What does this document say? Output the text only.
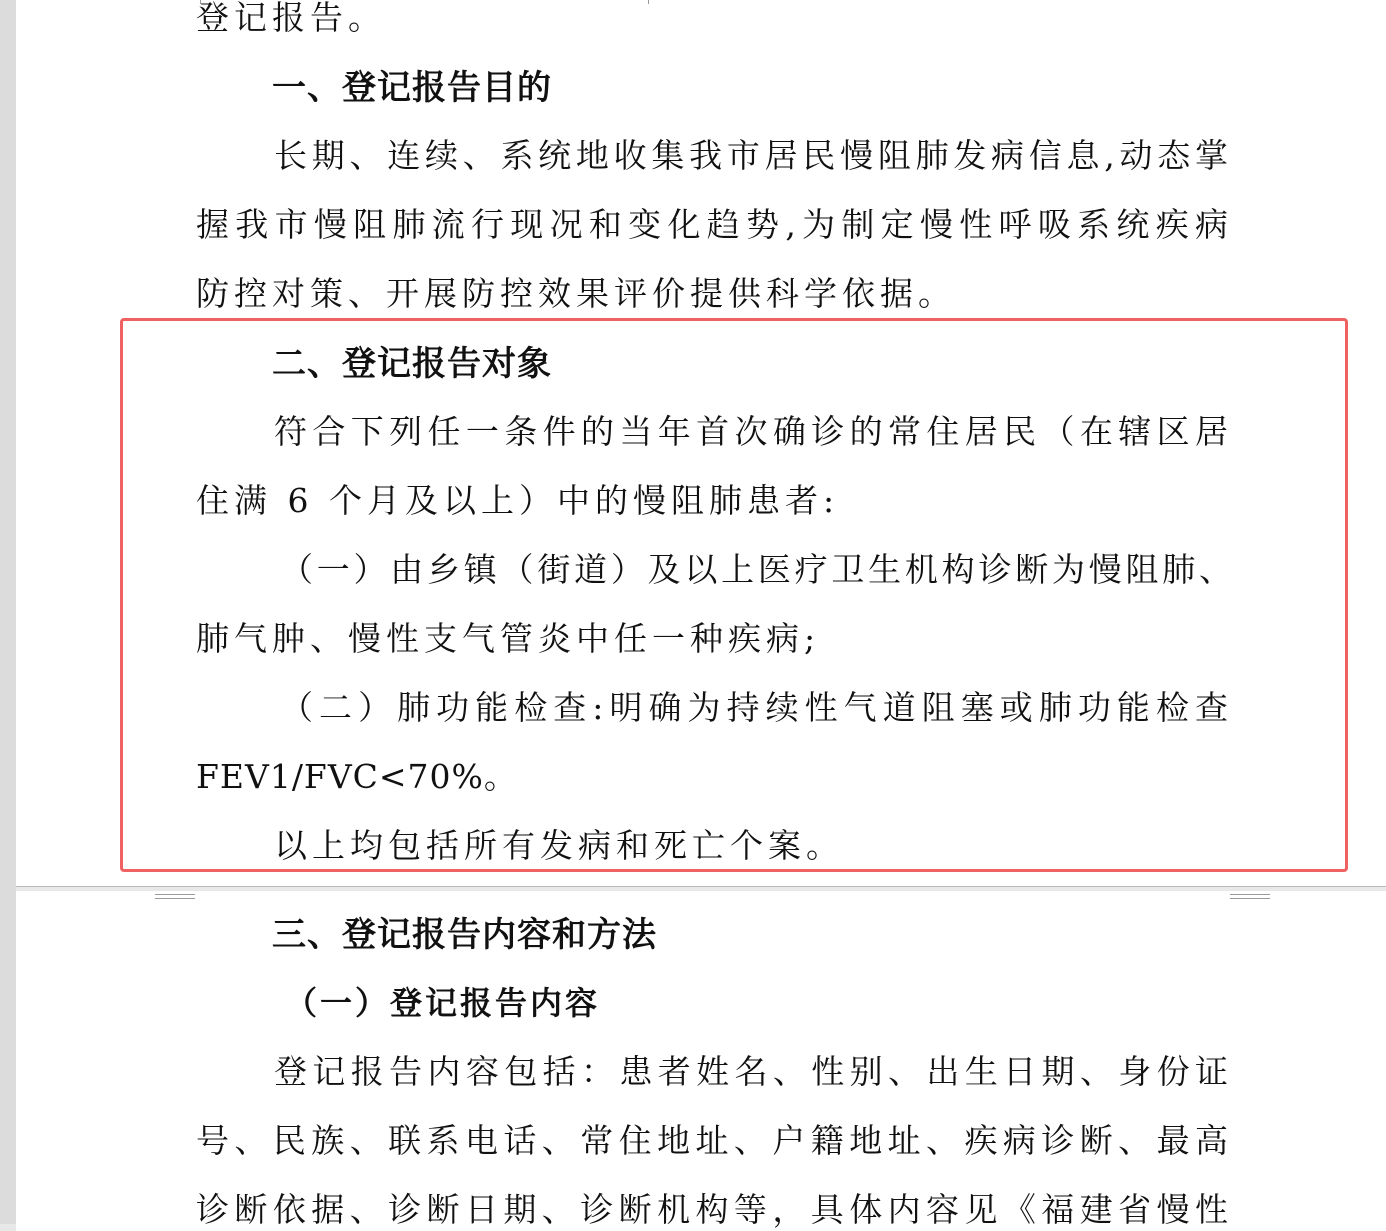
登记报告。
一、登记报告目的
长期、连续、系统地收集我市居民慢阻肺发病信息,动态掌
握我市慢阻肺流行现况和变化趋势,为制定慢性呼吸系统疾病
防控对策、开展防控效果评价提供科学依据。
二、登记报告对象
符合下列任一条件的当年首次确诊的常住居民（在辖区居
住满 6 个月及以上）中的慢阻肺患者:
（一）由乡镇（街道）及以上医疗卫生机构诊断为慢阻肺、
肺气肿、慢性支气管炎中任一种疾病;
（二）肺功能检查:明确为持续性气道阻塞或肺功能检查
FEV1/FVC<70%。
以上均包括所有发病和死亡个案。
三、登记报告内容和方法
（一）登记报告内容
登记报告内容包括：患者姓名、性别、出生日期、身份证
号、民族、联系电话、常住地址、户籍地址、疾病诊断、最高
诊断依据、诊断日期、诊断机构等，具体内容见《福建省慢性
